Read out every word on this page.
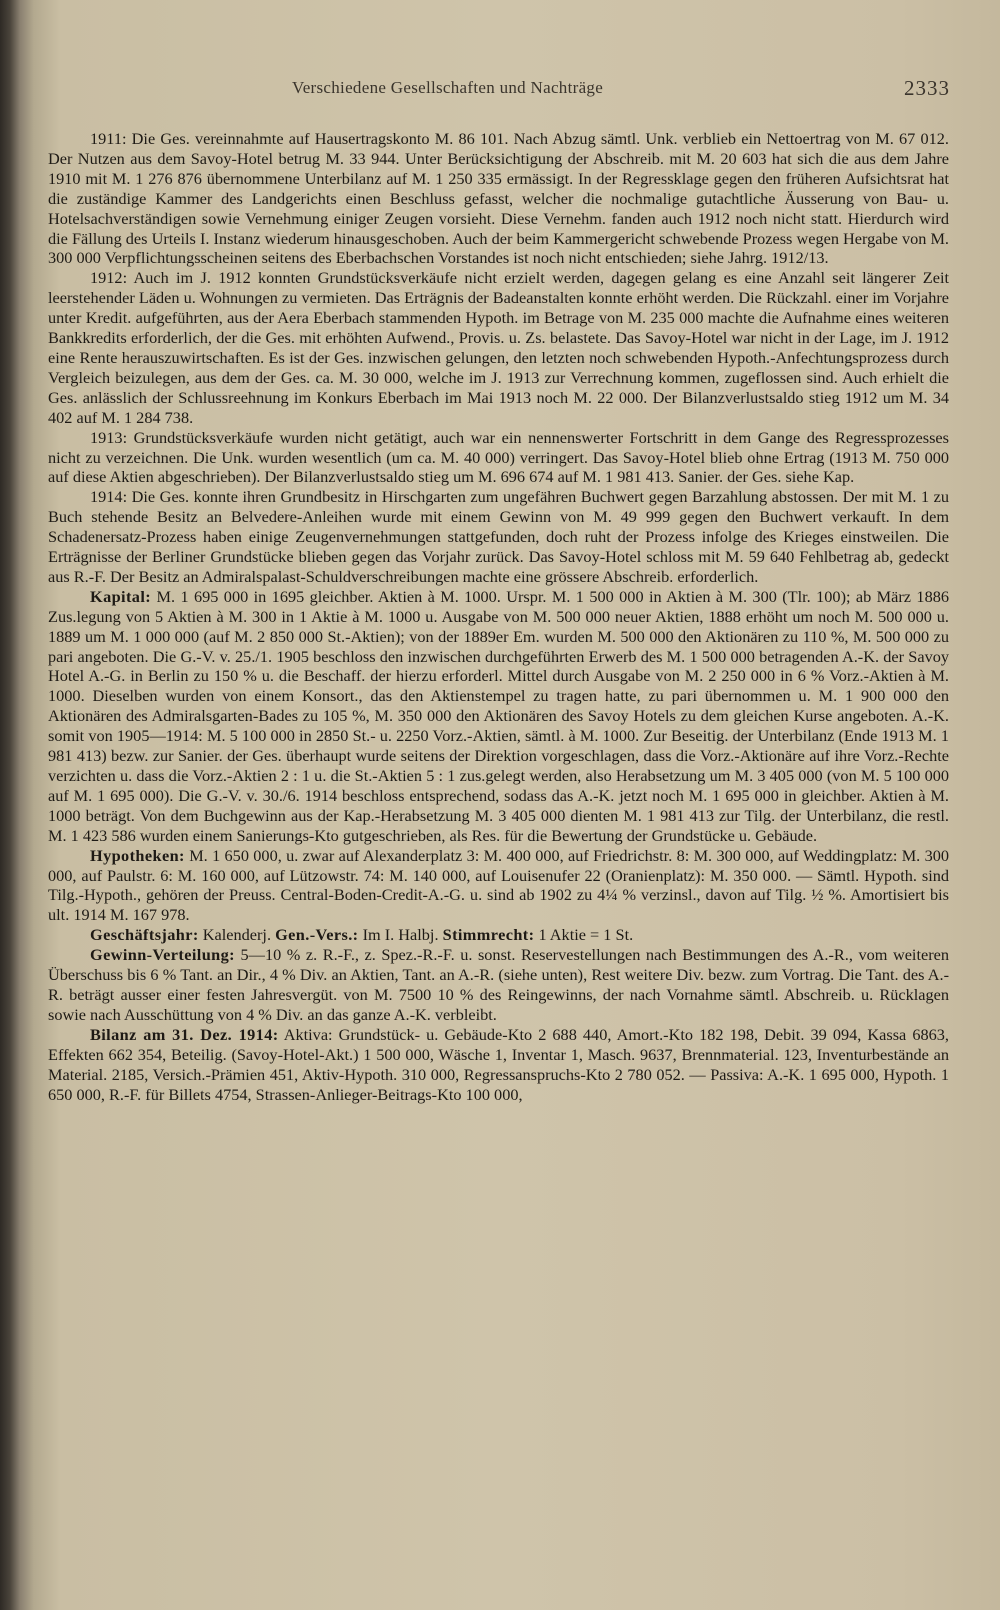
Verschiedene Gesellschaften und Nachträge	2333

1911: Die Ges. vereinnahmte auf Hausertragskonto M. 86 101. Nach Abzug sämtl. Unk. verblieb ein Nettoertrag von M. 67 012. Der Nutzen aus dem Savoy-Hotel betrug M. 33 944. Unter Berücksichtigung der Abschreib. mit M. 20 603 hat sich die aus dem Jahre 1910 mit M. 1 276 876 übernommene Unterbilanz auf M. 1 250 335 ermässigt. In der Regressklage gegen den früheren Aufsichtsrat hat die zuständige Kammer des Landgerichts einen Beschluss gefasst, welcher die nochmalige gutachtliche Äusserung von Bau- u. Hotelsachverständigen sowie Vernehmung einiger Zeugen vorsieht. Diese Vernehm. fanden auch 1912 noch nicht statt. Hierdurch wird die Fällung des Urteils I. Instanz wiederum hinausgeschoben. Auch der beim Kammergericht schwebende Prozess wegen Hergabe von M. 300 000 Verpflichtungsscheinen seitens des Eberbachschen Vorstandes ist noch nicht entschieden; siehe Jahrg. 1912/13.

1912: Auch im J. 1912 konnten Grundstücksverkäufe nicht erzielt werden, dagegen gelang es eine Anzahl seit längerer Zeit leerstehender Läden u. Wohnungen zu vermieten. Das Erträgnis der Badeanstalten konnte erhöht werden. Die Rückzahl. einer im Vorjahre unter Kredit. aufgeführten, aus der Aera Eberbach stammenden Hypoth. im Betrage von M. 235 000 machte die Aufnahme eines weiteren Bankkredits erforderlich, der die Ges. mit erhöhten Aufwend., Provis. u. Zs. belastete. Das Savoy-Hotel war nicht in der Lage, im J. 1912 eine Rente herauszuwirtschaften. Es ist der Ges. inzwischen gelungen, den letzten noch schwebenden Hypoth.-Anfechtungsprozess durch Vergleich beizulegen, aus dem der Ges. ca. M. 30 000, welche im J. 1913 zur Verrechnung kommen, zugeflossen sind. Auch erhielt die Ges. anlässlich der Schlussreehnung im Konkurs Eberbach im Mai 1913 noch M. 22 000. Der Bilanzverlustsaldo stieg 1912 um M. 34 402 auf M. 1 284 738.

1913: Grundstücksverkäufe wurden nicht getätigt, auch war ein nennenswerter Fortschritt in dem Gange des Regressprozesses nicht zu verzeichnen. Die Unk. wurden wesentlich (um ca. M. 40 000) verringert. Das Savoy-Hotel blieb ohne Ertrag (1913 M. 750 000 auf diese Aktien abgeschrieben). Der Bilanzverlustsaldo stieg um M. 696 674 auf M. 1 981 413. Sanier. der Ges. siehe Kap.

1914: Die Ges. konnte ihren Grundbesitz in Hirschgarten zum ungefähren Buchwert gegen Barzahlung abstossen. Der mit M. 1 zu Buch stehende Besitz an Belvedere-Anleihen wurde mit einem Gewinn von M. 49 999 gegen den Buchwert verkauft. In dem Schadenersatz-Prozess haben einige Zeugenvernehmungen stattgefunden, doch ruht der Prozess infolge des Krieges einstweilen. Die Erträgnisse der Berliner Grundstücke blieben gegen das Vorjahr zurück. Das Savoy-Hotel schloss mit M. 59 640 Fehlbetrag ab, gedeckt aus R.-F. Der Besitz an Admiralspalast-Schuldverschreibungen machte eine grössere Abschreib. erforderlich.

Kapital: M. 1 695 000 in 1695 gleichber. Aktien à M. 1000. Urspr. M. 1 500 000 in Aktien à M. 300 (Tlr. 100); ab März 1886 Zus.legung von 5 Aktien à M. 300 in 1 Aktie à M. 1000 u. Ausgabe von M. 500 000 neuer Aktien, 1888 erhöht um noch M. 500 000 u. 1889 um M. 1 000 000 (auf M. 2 850 000 St.-Aktien); von der 1889er Em. wurden M. 500 000 den Aktionären zu 110 %, M. 500 000 zu pari angeboten. Die G.-V. v. 25./1. 1905 beschloss den inzwischen durchgeführten Erwerb des M. 1 500 000 betragenden A.-K. der Savoy Hotel A.-G. in Berlin zu 150 % u. die Beschaff. der hierzu erforderl. Mittel durch Ausgabe von M. 2 250 000 in 6 % Vorz.-Aktien à M. 1000. Dieselben wurden von einem Konsort., das den Aktienstempel zu tragen hatte, zu pari übernommen u. M. 1 900 000 den Aktionären des Admiralsgarten-Bades zu 105 %, M. 350 000 den Aktionären des Savoy Hotels zu dem gleichen Kurse angeboten. A.-K. somit von 1905—1914: M. 5 100 000 in 2850 St.- u. 2250 Vorz.-Aktien, sämtl. à M. 1000. Zur Beseitig. der Unterbilanz (Ende 1913 M. 1 981 413) bezw. zur Sanier. der Ges. überhaupt wurde seitens der Direktion vorgeschlagen, dass die Vorz.-Aktionäre auf ihre Vorz.-Rechte verzichten u. dass die Vorz.-Aktien 2 : 1 u. die St.-Aktien 5 : 1 zus.gelegt werden, also Herabsetzung um M. 3 405 000 (von M. 5 100 000 auf M. 1 695 000). Die G.-V. v. 30./6. 1914 beschloss entsprechend, sodass das A.-K. jetzt noch M. 1 695 000 in gleichber. Aktien à M. 1000 beträgt. Von dem Buchgewinn aus der Kap.-Herabsetzung M. 3 405 000 dienten M. 1 981 413 zur Tilg. der Unterbilanz, die restl. M. 1 423 586 wurden einem Sanierungs-Kto gutgeschrieben, als Res. für die Bewertung der Grundstücke u. Gebäude.

Hypotheken: M. 1 650 000, u. zwar auf Alexanderplatz 3: M. 400 000, auf Friedrichstr. 8: M. 300 000, auf Weddingplatz: M. 300 000, auf Paulstr. 6: M. 160 000, auf Lützowstr. 74: M. 140 000, auf Louisenufer 22 (Oranienplatz): M. 350 000. — Sämtl. Hypoth. sind Tilg.-Hypoth., gehören der Preuss. Central-Boden-Credit-A.-G. u. sind ab 1902 zu 4¼ % verzinsl., davon auf Tilg. ½ %. Amortisiert bis ult. 1914 M. 167 978.

Geschäftsjahr: Kalenderj. Gen.-Vers.: Im I. Halbj. Stimmrecht: 1 Aktie = 1 St.

Gewinn-Verteilung: 5—10 % z. R.-F., z. Spez.-R.-F. u. sonst. Reservestellungen nach Bestimmungen des A.-R., vom weiteren Überschuss bis 6 % Tant. an Dir., 4 % Div. an Aktien, Tant. an A.-R. (siehe unten), Rest weitere Div. bezw. zum Vortrag. Die Tant. des A.-R. beträgt ausser einer festen Jahresvergüt. von M. 7500 10 % des Reingewinns, der nach Vornahme sämtl. Abschreib. u. Rücklagen sowie nach Ausschüttung von 4 % Div. an das ganze A.-K. verbleibt.

Bilanz am 31. Dez. 1914: Aktiva: Grundstück- u. Gebäude-Kto 2 688 440, Amort.-Kto 182 198, Debit. 39 094, Kassa 6863, Effekten 662 354, Beteilig. (Savoy-Hotel-Akt.) 1 500 000, Wäsche 1, Inventar 1, Masch. 9637, Brennmaterial. 123, Inventurbestände an Material. 2185, Versich.-Prämien 451, Aktiv-Hypoth. 310 000, Regressanspruchs-Kto 2 780 052. — Passiva: A.-K. 1 695 000, Hypoth. 1 650 000, R.-F. für Billets 4754, Strassen-Anlieger-Beitrags-Kto 100 000,
